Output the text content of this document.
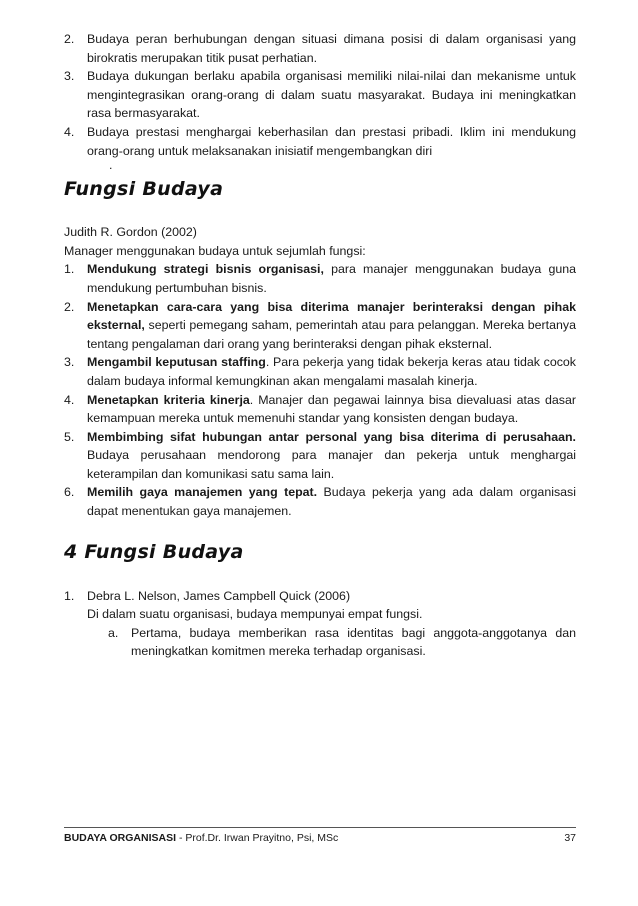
2. Budaya peran berhubungan dengan situasi dimana posisi di dalam organisasi yang birokratis merupakan titik pusat perhatian.
3. Budaya dukungan berlaku apabila organisasi memiliki nilai-nilai dan mekanisme untuk mengintegrasikan orang-orang di dalam suatu masyarakat. Budaya ini meningkatkan rasa bermasyarakat.
4. Budaya prestasi menghargai keberhasilan dan prestasi pribadi. Iklim ini mendukung orang-orang untuk melaksanakan inisiatif mengembangkan diri
.
Fungsi Budaya

Judith R. Gordon (2002)

Manager menggunakan budaya untuk sejumlah fungsi:

1. Mendukung strategi bisnis organisasi, para manajer menggunakan budaya guna mendukung pertumbuhan bisnis.
2. Menetapkan cara-cara yang bisa diterima manajer berinteraksi dengan pihak eksternal, seperti pemegang saham, pemerintah atau para pelanggan. Mereka bertanya tentang pengalaman dari orang yang berinteraksi dengan pihak eksternal.
3. Mengambil keputusan staffing. Para pekerja yang tidak bekerja keras atau tidak cocok dalam budaya informal kemungkinan akan mengalami masalah kinerja.
4. Menetapkan kriteria kinerja. Manajer dan pegawai lainnya bisa dievaluasi atas dasar kemampuan mereka untuk memenuhi standar yang konsisten dengan budaya.
5. Membimbing sifat hubungan antar personal yang bisa diterima di perusahaan. Budaya perusahaan mendorong para manajer dan pekerja untuk menghargai keterampilan dan komunikasi satu sama lain.
6. Memilih gaya manajemen yang tepat. Budaya pekerja yang ada dalam organisasi dapat menentukan gaya manajemen.
4 Fungsi Budaya
1. Debra L. Nelson, James Campbell Quick (2006)

Di dalam suatu organisasi, budaya mempunyai empat fungsi.

a. Pertama, budaya memberikan rasa identitas bagi anggota-anggotanya dan meningkatkan komitmen mereka terhadap organisasi.
BUDAYA ORGANISASI - Prof.Dr. Irwan Prayitno, Psi, MSc	37
